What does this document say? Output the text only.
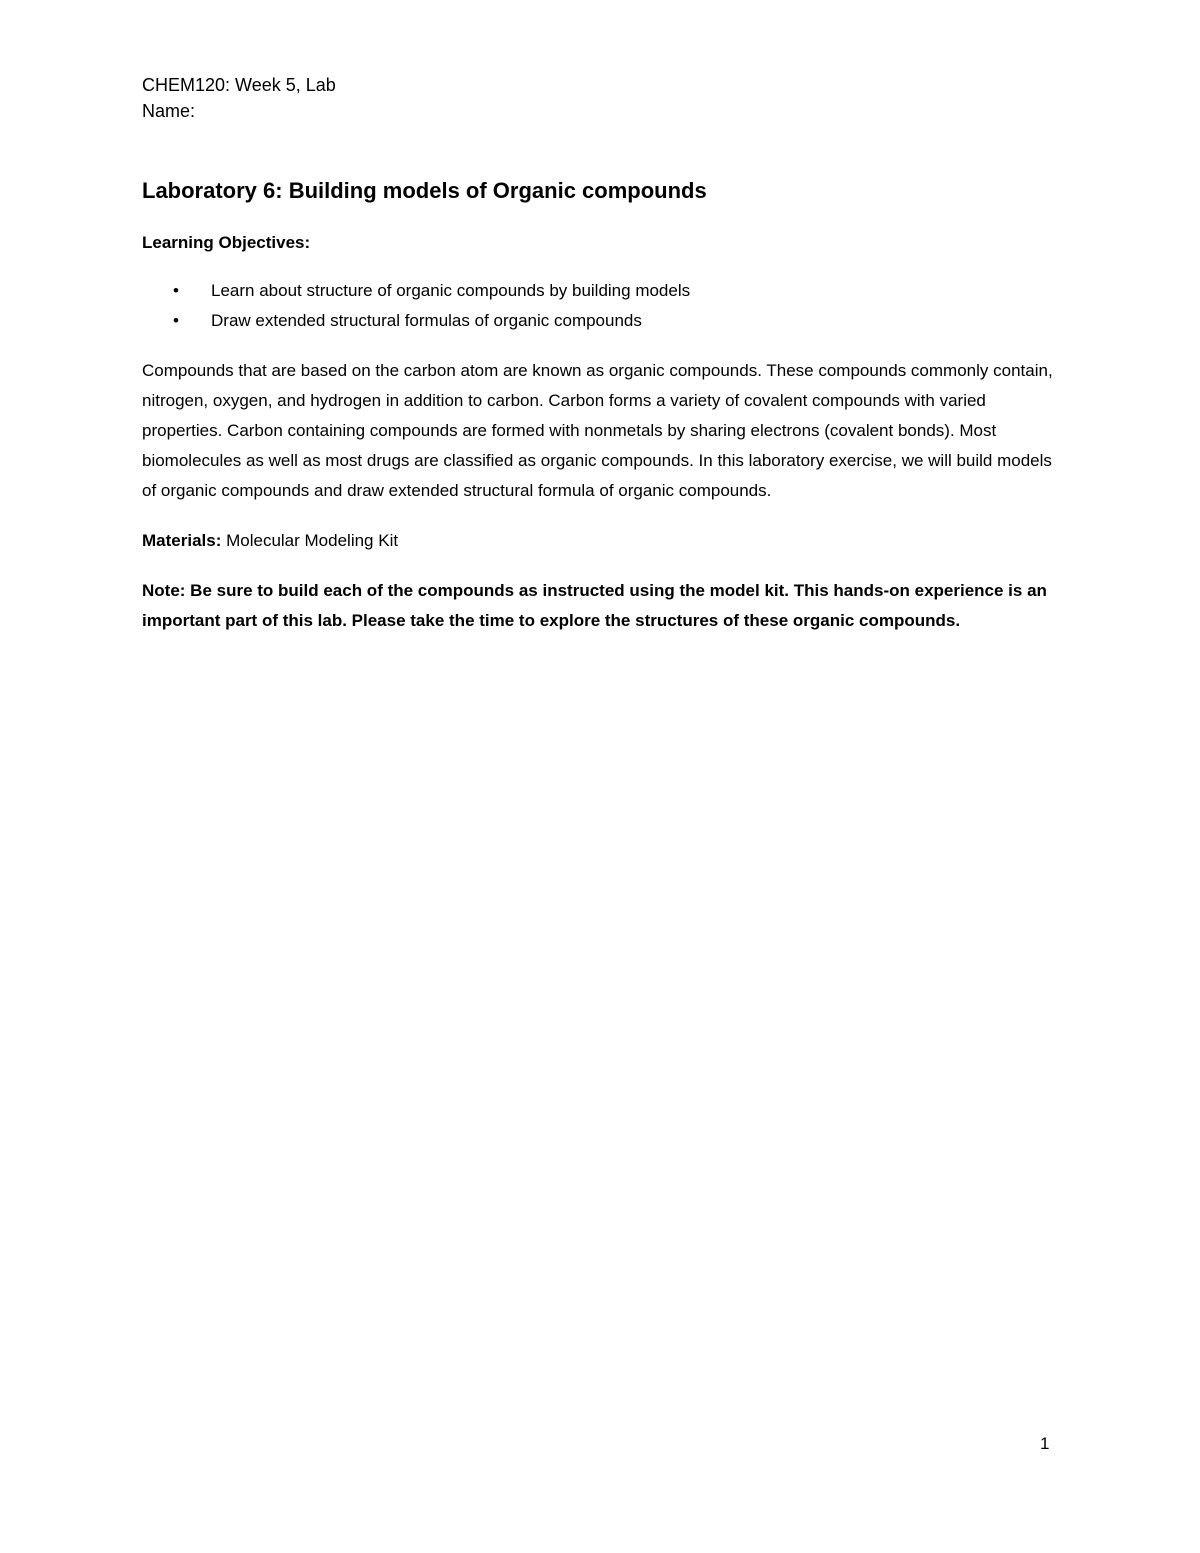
CHEM120: Week 5, Lab

Name:

Laboratory 6: Building models of Organic compounds

Learning Objectives:

• Learn about structure of organic compounds by building models
• Draw extended structural formulas of organic compounds

Compounds that are based on the carbon atom are known as organic compounds. These compounds commonly contain, nitrogen, oxygen, and hydrogen in addition to carbon. Carbon forms a variety of covalent compounds with varied properties. Carbon containing compounds are formed with nonmetals by sharing electrons (covalent bonds). Most biomolecules as well as most drugs are classified as organic compounds. In this laboratory exercise, we will build models of organic compounds and draw extended structural formula of organic compounds.

Materials: Molecular Modeling Kit

Note: Be sure to build each of the compounds as instructed using the model kit. This hands-on experience is an important part of this lab. Please take the time to explore the structures of these organic compounds.

1
